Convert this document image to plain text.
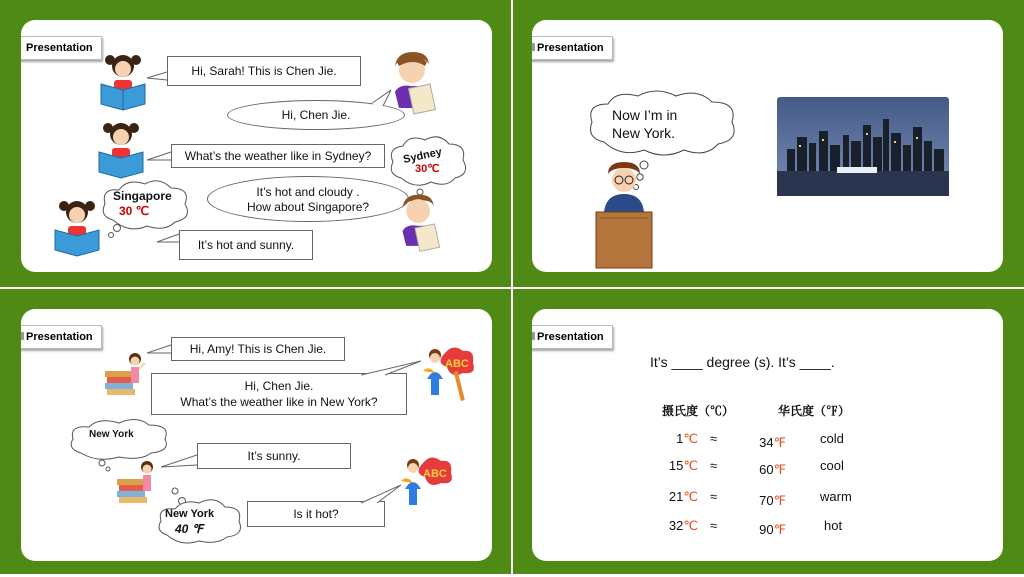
Presentation
Hi, Sarah! This is Chen Jie.
Hi, Chen Jie.
What’s the weather like in Sydney?	Sydney
30℃
It’s hot and cloudy .
How about Singapore?
Singapore
30 ℃
It’s hot and sunny.
Presentation
Now I’m in
New York.
Presentation
Hi, Amy! This is Chen Jie.
ABC
Hi, Chen Jie.
What’s the weather like in New York?
New York
It’s sunny.
New York
40 ℉
ABC
Is it hot?
Presentation
It’s ____ degree (s). It’s ____.
摄氏度（℃）	华氏度（℉）
1℃ ≈	34℉	cold
15℃ ≈	60℉	cool
21℃ ≈	70℉	warm
32℃ ≈	90℉	hot
